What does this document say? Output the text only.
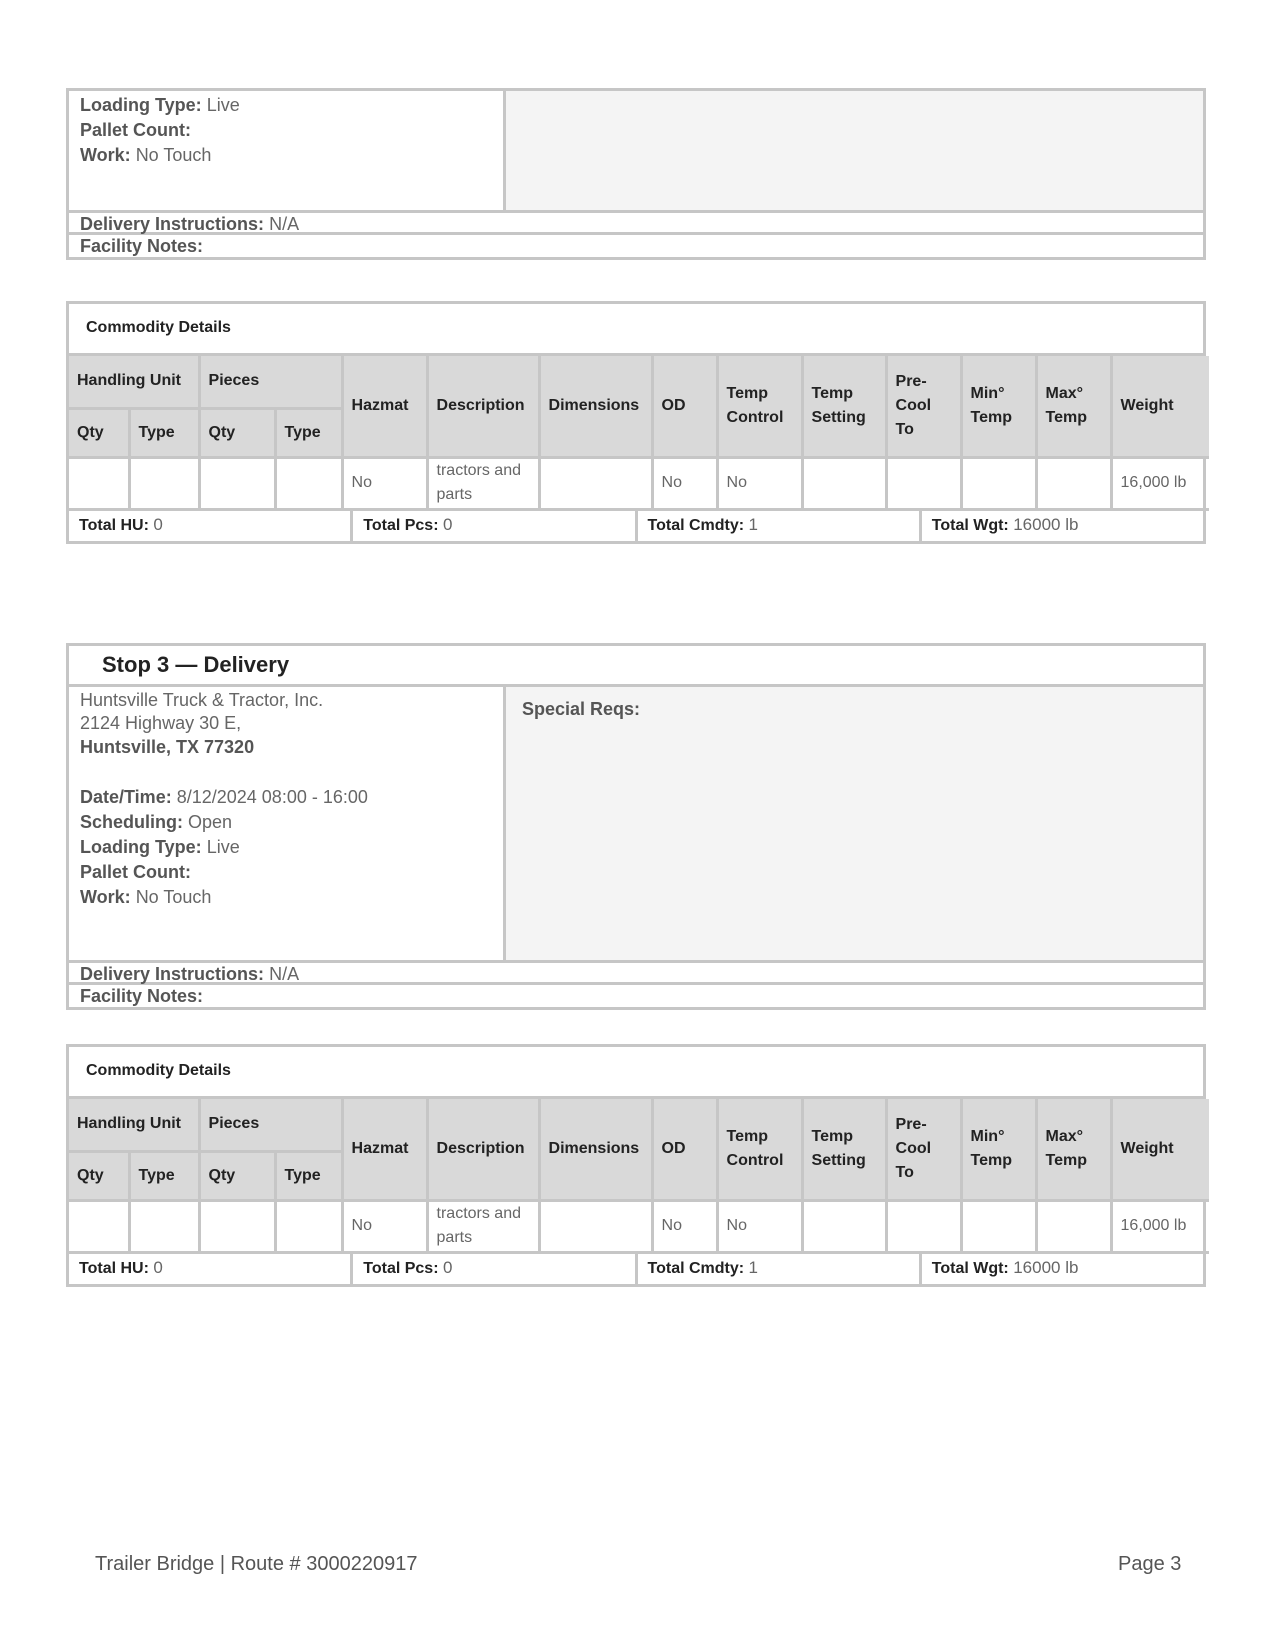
Loading Type: Live
Pallet Count:
Work: No Touch
Delivery Instructions: N/A
Facility Notes:
Commodity Details
Handling Unit		Pieces		Hazmat	Description	Dimensions	OD	Temp Control	Temp Setting	Pre-Cool To	Min° Temp	Max° Temp	Weight
Qty	Type	Qty	Type										
				No	tractors and parts		No	No					16,000 lb
Total HU: 0	Total Pcs: 0	Total Cmdty: 1	Total Wgt: 16000 lb
Stop 3 — Delivery
Huntsville Truck & Tractor, Inc.
2124 Highway 30 E,
Huntsville, TX 77320
Date/Time: 8/12/2024 08:00 - 16:00
Scheduling: Open
Loading Type: Live
Pallet Count:
Work: No Touch
Special Reqs:
Delivery Instructions: N/A
Facility Notes:
Commodity Details
Handling Unit		Pieces		Hazmat	Description	Dimensions	OD	Temp Control	Temp Setting	Pre-Cool To	Min° Temp	Max° Temp	Weight
Qty	Type	Qty	Type										
				No	tractors and parts		No	No					16,000 lb
Total HU: 0	Total Pcs: 0	Total Cmdty: 1	Total Wgt: 16000 lb
Trailer Bridge | Route # 3000220917	Page 3
